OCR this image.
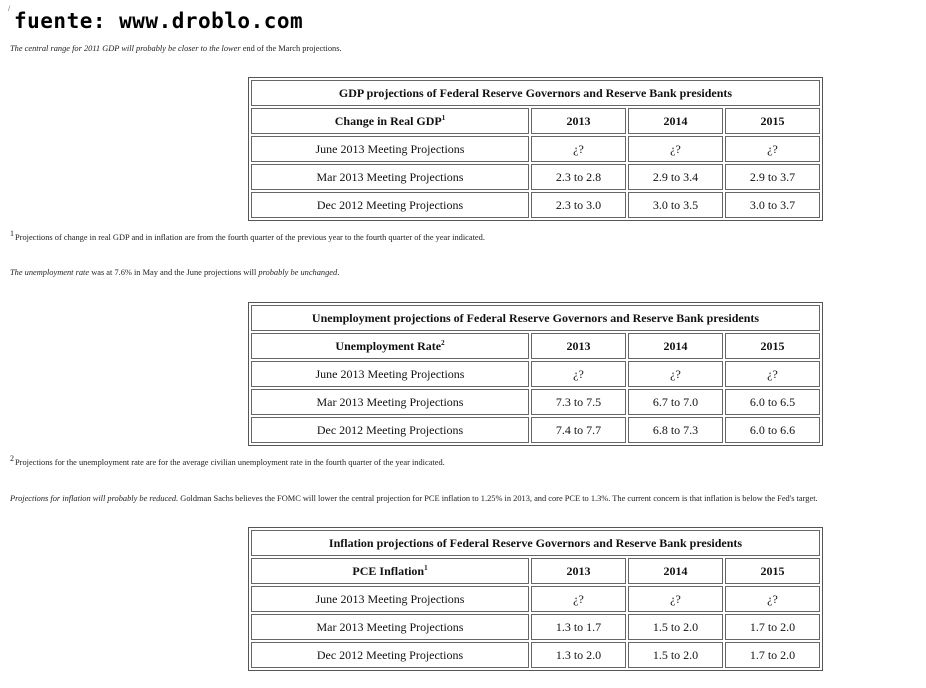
/
fuente: www.droblo.com
The central range for 2011 GDP will probably be closer to the lower end of the March projections.
GDP projections of Federal Reserve Governors and Reserve Bank presidents			
Change in Real GDP$^1$	2013	2014	2015
June 2013 Meeting Projections	¿?	¿?	¿?
Mar 2013 Meeting Projections	2.3 to 2.8	2.9 to 3.4	2.9 to 3.7
Dec 2012 Meeting Projections	2.3 to 3.0	3.0 to 3.5	3.0 to 3.7
1Projections of change in real GDP and in inflation are from the fourth quarter of the previous year to the fourth quarter of the year indicated.
The unemployment rate was at 7.6% in May and the June projections will probably be unchanged.
Unemployment projections of Federal Reserve Governors and Reserve Bank presidents			
Unemployment Rate$^2$	2013	2014	2015
June 2013 Meeting Projections	¿?	¿?	¿?
Mar 2013 Meeting Projections	7.3 to 7.5	6.7 to 7.0	6.0 to 6.5
Dec 2012 Meeting Projections	7.4 to 7.7	6.8 to 7.3	6.0 to 6.6
2Projections for the unemployment rate are for the average civilian unemployment rate in the fourth quarter of the year indicated.
Projections for inflation will probably be reduced. Goldman Sachs believes the FOMC will lower the central projection for PCE inflation to 1.25% in 2013, and core PCE to 1.3%. The current concern is that inflation is below the Fed's target.
Inflation projections of Federal Reserve Governors and Reserve Bank presidents			
PCE Inflation$^1$	2013	2014	2015
June 2013 Meeting Projections	¿?	¿?	¿?
Mar 2013 Meeting Projections	1.3 to 1.7	1.5 to 2.0	1.7 to 2.0
Dec 2012 Meeting Projections	1.3 to 2.0	1.5 to 2.0	1.7 to 2.0
